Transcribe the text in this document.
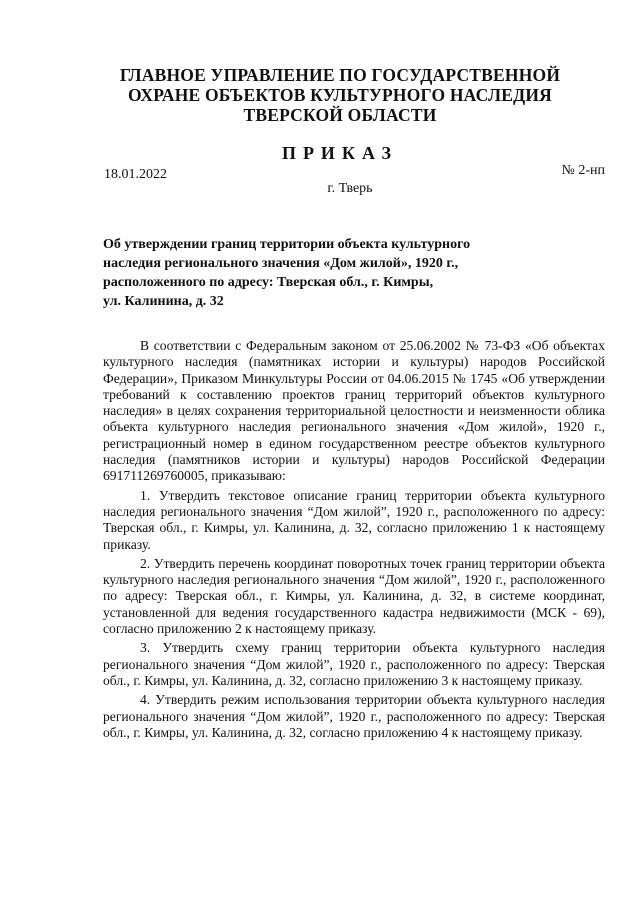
ГЛАВНОЕ УПРАВЛЕНИЕ ПО ГОСУДАРСТВЕННОЙ
ОХРАНЕ ОБЪЕКТОВ КУЛЬТУРНОГО НАСЛЕДИЯ
ТВЕРСКОЙ ОБЛАСТИ
ПРИКАЗ
18.01.2022	№ 2-нп
г. Тверь
Об утверждении границ территории объекта культурного
наследия регионального значения «Дом жилой», 1920 г.,
расположенного по адресу: Тверская обл., г. Кимры,
ул. Калинина, д. 32

В соответствии с Федеральным законом от 25.06.2002 № 73-ФЗ «Об объектах культурного наследия (памятниках истории и культуры) народов Российской Федерации», Приказом Минкультуры России от 04.06.2015 № 1745 «Об утверждении требований к составлению проектов границ территорий объектов культурного наследия» в целях сохранения территориальной целостности и неизменности облика объекта культурного наследия регионального значения «Дом жилой», 1920 г., регистрационный номер в едином государственном реестре объектов культурного наследия (памятников истории и культуры) народов Российской Федерации 691711269760005, приказываю:

1. Утвердить текстовое описание границ территории объекта культурного наследия регионального значения “Дом жилой”, 1920 г., расположенного по адресу: Тверская обл., г. Кимры, ул. Калинина, д. 32, согласно приложению 1 к настоящему приказу.

2. Утвердить перечень координат поворотных точек границ территории объекта культурного наследия регионального значения “Дом жилой”, 1920 г., расположенного по адресу: Тверская обл., г. Кимры, ул. Калинина, д. 32, в системе координат, установленной для ведения государственного кадастра недвижимости (МСК - 69), согласно приложению 2 к настоящему приказу.

3. Утвердить схему границ территории объекта культурного наследия регионального значения “Дом жилой”, 1920 г., расположенного по адресу: Тверская обл., г. Кимры, ул. Калинина, д. 32, согласно приложению 3 к настоящему приказу.

4. Утвердить режим использования территории объекта культурного наследия регионального значения “Дом жилой”, 1920 г., расположенного по адресу: Тверская обл., г. Кимры, ул. Калинина, д. 32, согласно приложению 4 к настоящему приказу.
